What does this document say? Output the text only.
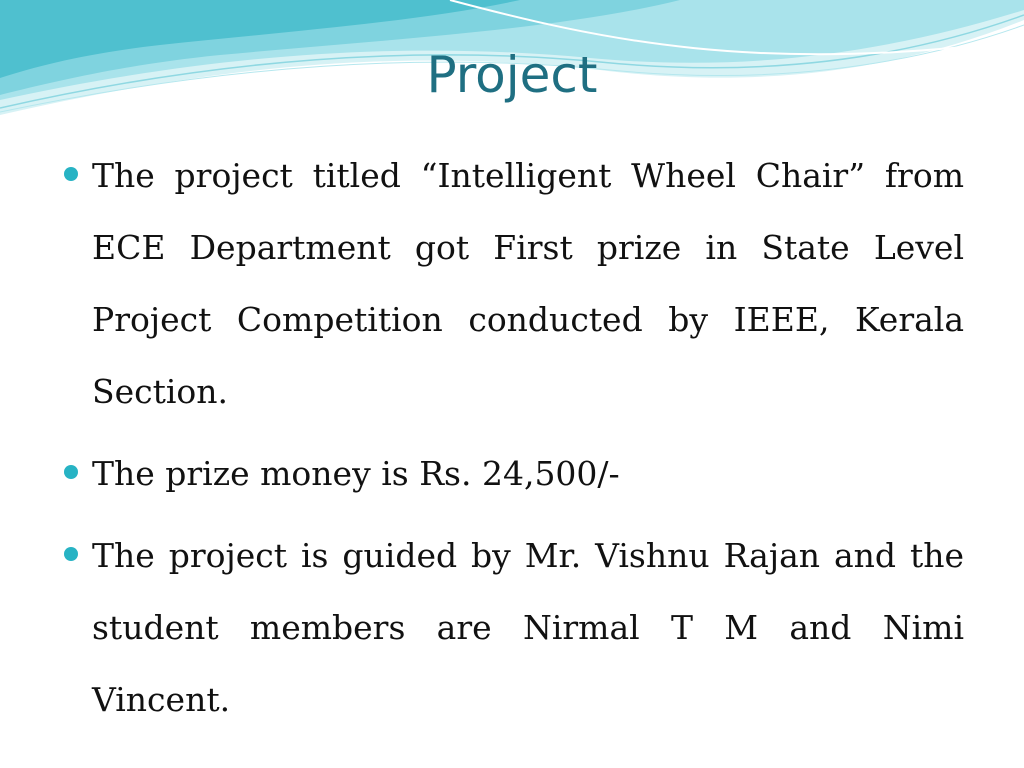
Project
The project titled “Intelligent Wheel Chair” from ECE Department got First prize in State Level Project Competition conducted by IEEE, Kerala Section.
The prize money is Rs. 24,500/-
The project is guided by Mr. Vishnu Rajan and the student members are Nirmal T M and Nimi Vincent.
